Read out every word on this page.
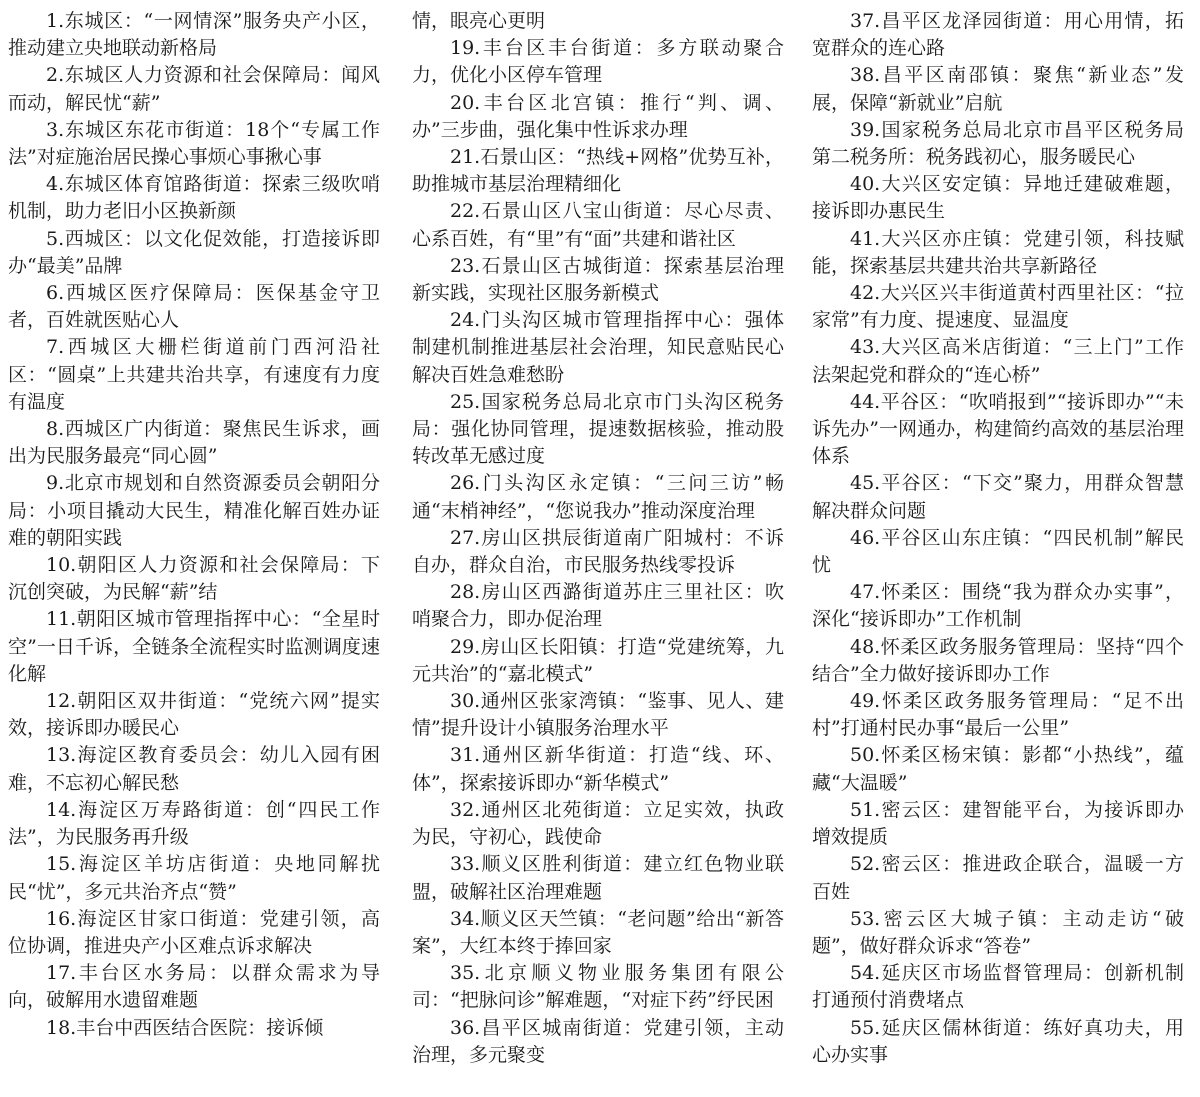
1.东城区：“一网情深”服务央产小区，推动建立央地联动新格局

2.东城区人力资源和社会保障局：闻风而动，解民忧“薪”

3.东城区东花市街道：18个“专属工作法”对症施治居民操心事烦心事揪心事

4.东城区体育馆路街道：探索三级吹哨机制，助力老旧小区换新颜

5.西城区：以文化促效能，打造接诉即办“最美”品牌

6.西城区医疗保障局：医保基金守卫者，百姓就医贴心人

7.西城区大栅栏街道前门西河沿社区：“圆桌”上共建共治共享，有速度有力度有温度

8.西城区广内街道：聚焦民生诉求，画出为民服务最亮“同心圆”

9.北京市规划和自然资源委员会朝阳分局：小项目撬动大民生，精准化解百姓办证难的朝阳实践

10.朝阳区人力资源和社会保障局：下沉创突破，为民解“薪”结

11.朝阳区城市管理指挥中心：“全星时空”一日千诉，全链条全流程实时监测调度速化解

12.朝阳区双井街道：“党统六网”提实效，接诉即办暖民心

13.海淀区教育委员会：幼儿入园有困难，不忘初心解民愁

14.海淀区万寿路街道：创“四民工作法”，为民服务再升级

15.海淀区羊坊店街道：央地同解扰民“忧”，多元共治齐点“赞”

16.海淀区甘家口街道：党建引领，高位协调，推进央产小区难点诉求解决

17.丰台区水务局：以群众需求为导向，破解用水遗留难题

18.丰台中西医结合医院：接诉倾

情，眼亮心更明

19.丰台区丰台街道：多方联动聚合力，优化小区停车管理

20.丰台区北宫镇：推行“判、调、办”三步曲，强化集中性诉求办理

21.石景山区：“热线+网格”优势互补，助推城市基层治理精细化

22.石景山区八宝山街道：尽心尽责、心系百姓，有“里”有“面”共建和谐社区

23.石景山区古城街道：探索基层治理新实践，实现社区服务新模式

24.门头沟区城市管理指挥中心：强体制建机制推进基层社会治理，知民意贴民心解决百姓急难愁盼

25.国家税务总局北京市门头沟区税务局：强化协同管理，提速数据核验，推动股转改革无感过度

26.门头沟区永定镇：“三问三访”畅通“末梢神经”，“您说我办”推动深度治理

27.房山区拱辰街道南广阳城村：不诉自办，群众自治，市民服务热线零投诉

28.房山区西潞街道苏庄三里社区：吹哨聚合力，即办促治理

29.房山区长阳镇：打造“党建统筹，九元共治”的“嘉北模式”

30.通州区张家湾镇：“鉴事、见人、建情”提升设计小镇服务治理水平

31.通州区新华街道：打造“线、环、体”，探索接诉即办“新华模式”

32.通州区北苑街道：立足实效，执政为民，守初心，践使命

33.顺义区胜利街道：建立红色物业联盟，破解社区治理难题

34.顺义区天竺镇：“老问题”给出“新答案”，大红本终于捧回家

35.北京顺义物业服务集团有限公司：“把脉问诊”解难题，“对症下药”纾民困

36.昌平区城南街道：党建引领，主动治理，多元聚变

37.昌平区龙泽园街道：用心用情，拓宽群众的连心路

38.昌平区南邵镇：聚焦“新业态”发展，保障“新就业”启航

39.国家税务总局北京市昌平区税务局第二税务所：税务践初心，服务暖民心

40.大兴区安定镇：异地迁建破难题，接诉即办惠民生

41.大兴区亦庄镇：党建引领，科技赋能，探索基层共建共治共享新路径

42.大兴区兴丰街道黄村西里社区：“拉家常”有力度、提速度、显温度

43.大兴区高米店街道：“三上门”工作法架起党和群众的“连心桥”

44.平谷区：“吹哨报到”“接诉即办”“未诉先办”一网通办，构建简约高效的基层治理体系

45.平谷区：“下交”聚力，用群众智慧解决群众问题

46.平谷区山东庄镇：“四民机制”解民忧

47.怀柔区：围绕“我为群众办实事”，深化“接诉即办”工作机制

48.怀柔区政务服务管理局：坚持“四个结合”全力做好接诉即办工作

49.怀柔区政务服务管理局：“足不出村”打通村民办事“最后一公里”

50.怀柔区杨宋镇：影都“小热线”，蕴藏“大温暖”

51.密云区：建智能平台，为接诉即办增效提质

52.密云区：推进政企联合，温暖一方百姓

53.密云区大城子镇：主动走访“破题”，做好群众诉求“答卷”

54.延庆区市场监督管理局：创新机制打通预付消费堵点

55.延庆区儒林街道：练好真功夫，用心办实事
